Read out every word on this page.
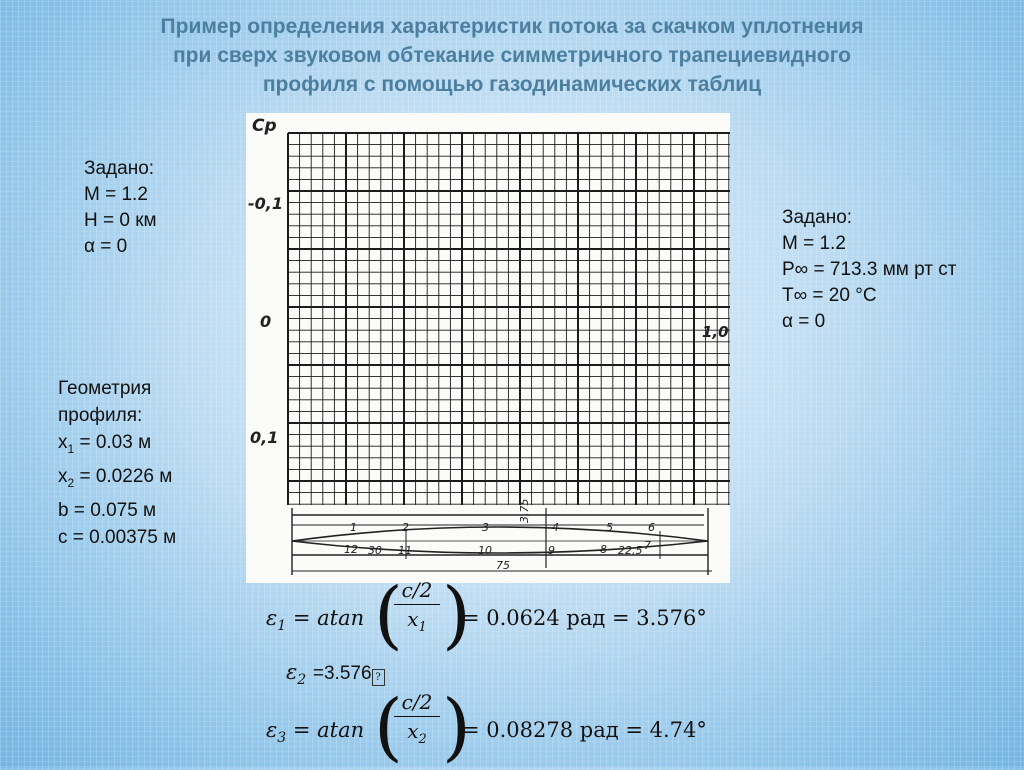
Пример определения характеристик потока за скачком уплотнения
при сверх звуковом обтекание симметричного трапециевидного
профиля с помощью газодинамических таблиц
Задано:
M = 1.2
H = 0 км
α = 0
Задано:
M = 1.2
P∞ = 713.3 мм рт ст
T∞ = 20 °C
α = 0
Геометрия
профиля:
$x_1 = 0.03$ м
$x_2 = 0.0226$ м
b = 0.075 м
c = 0.00375 м
Cp
-0,1
0
0,1
1,0
1	2	3
3,75
4	5	6
12 30 11	10	9	8 22,5 7
75
$\varepsilon_1 = atan$ (
c/2
$x_1$ )
= 0.0624 рад = 3.576°
$\varepsilon_2 =3.576$ ?
$\varepsilon_3 = atan$ (
c/2
$x_2$ )
= 0.08278 рад = 4.74°
